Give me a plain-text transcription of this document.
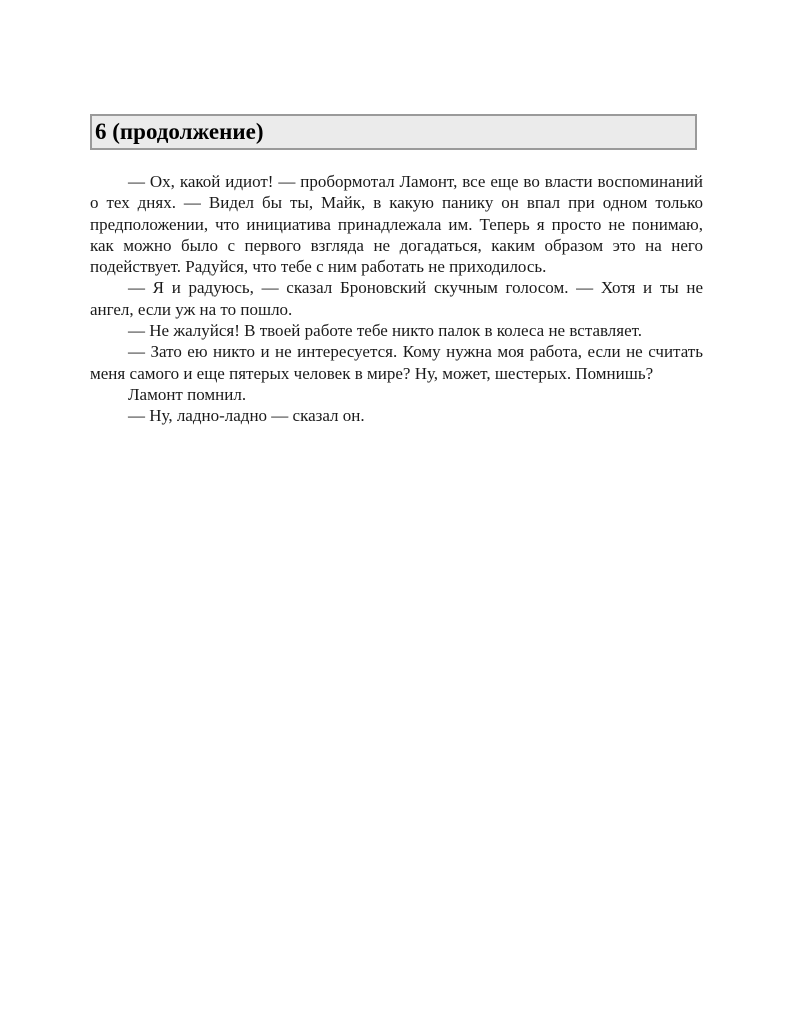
6 (продолжение)

— Ох, какой идиот! — пробормотал Ламонт, все еще во власти воспоминаний о тех днях. — Видел бы ты, Майк, в какую панику он впал при одном только предположении, что инициатива принадлежала им. Теперь я просто не понимаю, как можно было с первого взгляда не догадаться, каким образом это на него подействует. Радуйся, что тебе с ним работать не приходилось.

— Я и радуюсь, — сказал Броновский скучным голосом. — Хотя и ты не ангел, если уж на то пошло.

— Не жалуйся! В твоей работе тебе никто палок в колеса не вставляет.

— Зато ею никто и не интересуется. Кому нужна моя работа, если не считать меня самого и еще пятерых человек в мире? Ну, может, шестерых. Помнишь?

Ламонт помнил.

— Ну, ладно-ладно — сказал он.
